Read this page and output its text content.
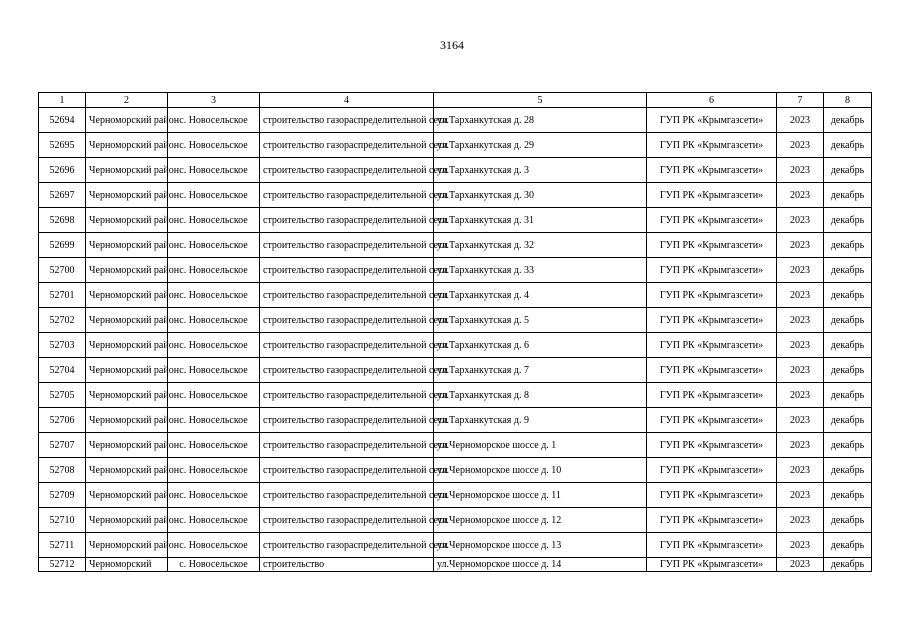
3164
1	2	3	4	5	6	7	8
52694	Черноморский район	с. Новосельское	строительство газораспределительной сети	ул.Тарханкутская д. 28	ГУП РК «Крымгазсети»	2023	декабрь
52695	Черноморский район	с. Новосельское	строительство газораспределительной сети	ул.Тарханкутская д. 29	ГУП РК «Крымгазсети»	2023	декабрь
52696	Черноморский район	с. Новосельское	строительство газораспределительной сети	ул.Тарханкутская д. 3	ГУП РК «Крымгазсети»	2023	декабрь
52697	Черноморский район	с. Новосельское	строительство газораспределительной сети	ул.Тарханкутская д. 30	ГУП РК «Крымгазсети»	2023	декабрь
52698	Черноморский район	с. Новосельское	строительство газораспределительной сети	ул.Тарханкутская д. 31	ГУП РК «Крымгазсети»	2023	декабрь
52699	Черноморский район	с. Новосельское	строительство газораспределительной сети	ул.Тарханкутская д. 32	ГУП РК «Крымгазсети»	2023	декабрь
52700	Черноморский район	с. Новосельское	строительство газораспределительной сети	ул.Тарханкутская д. 33	ГУП РК «Крымгазсети»	2023	декабрь
52701	Черноморский район	с. Новосельское	строительство газораспределительной сети	ул.Тарханкутская д. 4	ГУП РК «Крымгазсети»	2023	декабрь
52702	Черноморский район	с. Новосельское	строительство газораспределительной сети	ул.Тарханкутская д. 5	ГУП РК «Крымгазсети»	2023	декабрь
52703	Черноморский район	с. Новосельское	строительство газораспределительной сети	ул.Тарханкутская д. 6	ГУП РК «Крымгазсети»	2023	декабрь
52704	Черноморский район	с. Новосельское	строительство газораспределительной сети	ул.Тарханкутская д. 7	ГУП РК «Крымгазсети»	2023	декабрь
52705	Черноморский район	с. Новосельское	строительство газораспределительной сети	ул.Тарханкутская д. 8	ГУП РК «Крымгазсети»	2023	декабрь
52706	Черноморский район	с. Новосельское	строительство газораспределительной сети	ул.Тарханкутская д. 9	ГУП РК «Крымгазсети»	2023	декабрь
52707	Черноморский район	с. Новосельское	строительство газораспределительной сети	ул.Черноморское шоссе д. 1	ГУП РК «Крымгазсети»	2023	декабрь
52708	Черноморский район	с. Новосельское	строительство газораспределительной сети	ул.Черноморское шоссе д. 10	ГУП РК «Крымгазсети»	2023	декабрь
52709	Черноморский район	с. Новосельское	строительство газораспределительной сети	ул.Черноморское шоссе д. 11	ГУП РК «Крымгазсети»	2023	декабрь
52710	Черноморский район	с. Новосельское	строительство газораспределительной сети	ул.Черноморское шоссе д. 12	ГУП РК «Крымгазсети»	2023	декабрь
52711	Черноморский район	с. Новосельское	строительство газораспределительной сети	ул.Черноморское шоссе д. 13	ГУП РК «Крымгазсети»	2023	декабрь
52712	Черноморский	с. Новосельское	строительство	ул.Черноморское шоссе д. 14	ГУП РК «Крымгазсети»	2023	декабрь
